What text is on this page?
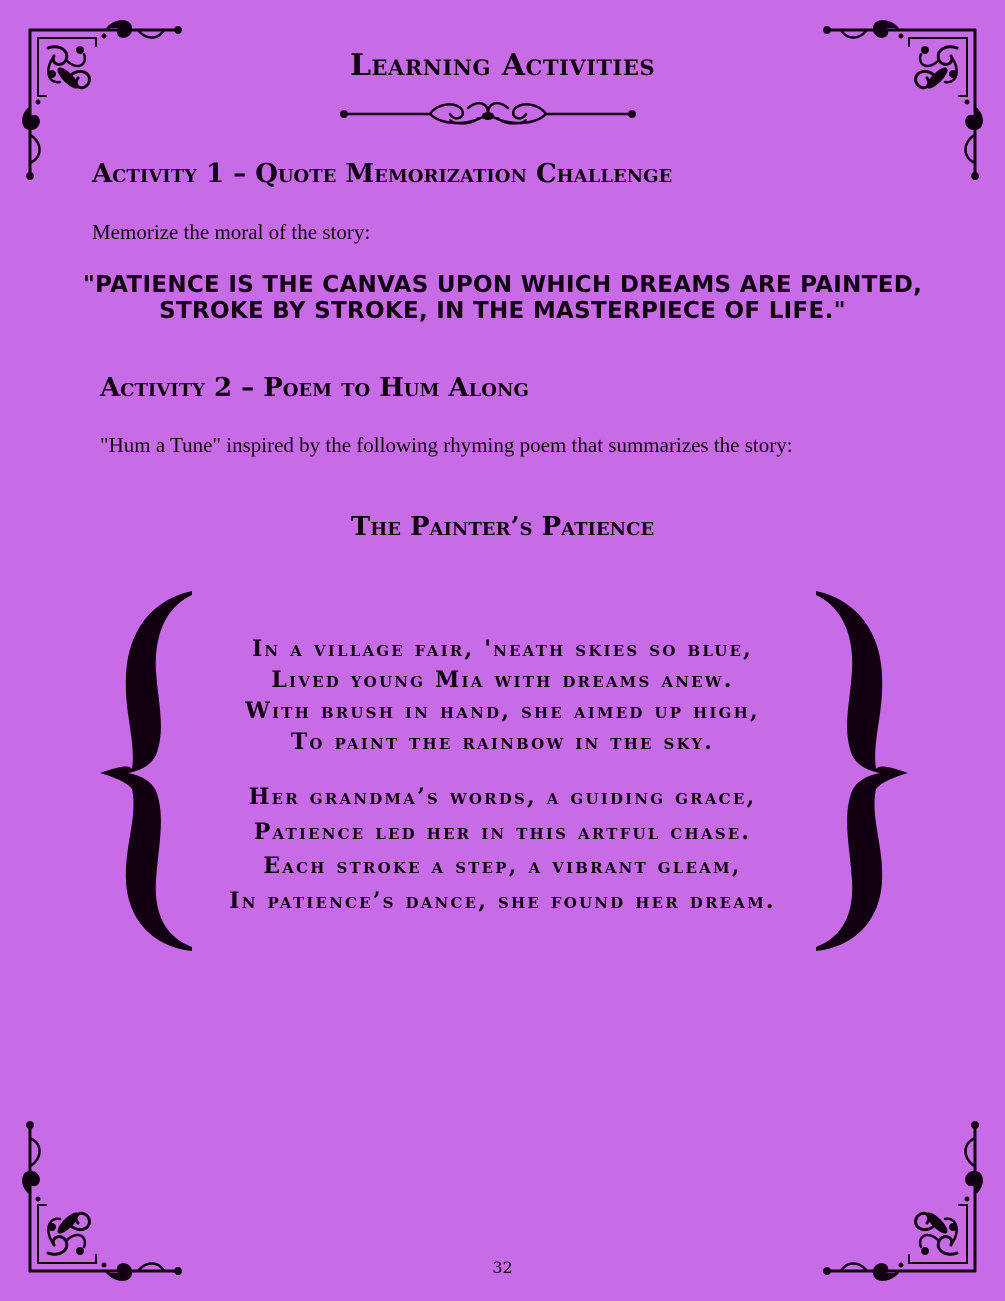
Learning Activities
Activity 1 – Quote Memorization Challenge

Memorize the moral of the story:

"PATIENCE IS THE CANVAS UPON WHICH DREAMS ARE PAINTED,
STROKE BY STROKE, IN THE MASTERPIECE OF LIFE."
Activity 2 – Poem to Hum Along

"Hum a Tune" inspired by the following rhyming poem that summarizes the story:

The Painter’s Patience
In a village fair, 'neath skies so blue,
Lived young Mia with dreams anew.
With brush in hand, she aimed up high,
To paint the rainbow in the sky.
Her grandma’s words, a guiding grace,
Patience led her in this artful chase.
Each stroke a step, a vibrant gleam,
In patience’s dance, she found her dream.

32
